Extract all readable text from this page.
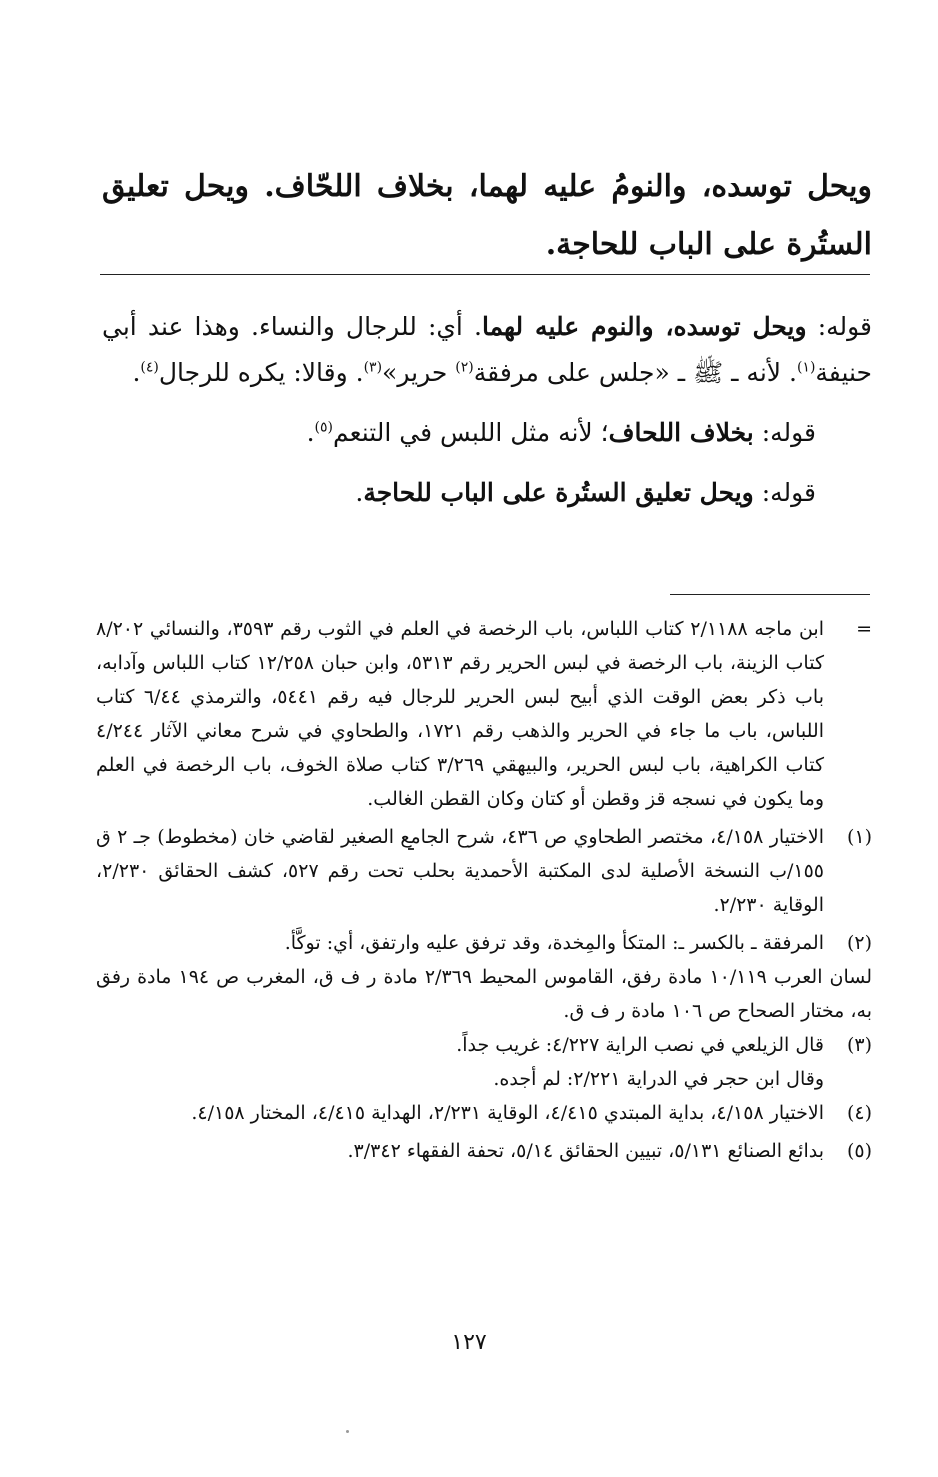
ويحل توسده، والنومُ عليه لهما، بخلاف اللحّاف. ويحل تعليق الستُرة على الباب للحاجة.

قوله: ويحل توسده، والنوم عليه لهما. أي: للرجال والنساء. وهذا عند أبي حنيفة$^{(١)}$. لأنه ـ ﷺ ـ «جلس على مرفقة$^{(٢)}$ حرير»$^{(٣)}$. وقالا: يكره للرجال$^{(٤)}$.

قوله: بخلاف اللحاف؛ لأنه مثل اللبس في التنعم$^{(٥)}$.

قوله: ويحل تعليق الستُرة على الباب للحاجة.

=
ابن ماجه ٢/١١٨٨ كتاب اللباس، باب الرخصة في العلم في الثوب رقم ٣٥٩٣، والنسائي ٨/٢٠٢ كتاب الزينة، باب الرخصة في لبس الحرير رقم ٥٣١٣، وابن حبان ١٢/٢٥٨ كتاب اللباس وآدابه، باب ذكر بعض الوقت الذي أبيح لبس الحرير للرجال فيه رقم ٥٤٤١، والترمذي ٦/٤٤ كتاب اللباس، باب ما جاء في الحرير والذهب رقم ١٧٢١، والطحاوي في شرح معاني الآثار ٤/٢٤٤ كتاب الكراهية، باب لبس الحرير، والبيهقي ٣/٢٦٩ كتاب صلاة الخوف، باب الرخصة في العلم وما يكون في نسجه قز وقطن أو كتان وكان القطن الغالب.
(١)
الاختيار ٤/١٥٨، مختصر الطحاوي ص ٤٣٦، شرح الجامع الصغير لقاضي خان (مخطوط) جـ ٢ ق ١٥٥/ب النسخة الأصلية لدى المكتبة الأحمدية بحلب تحت رقم ٥٢٧، كشف الحقائق ٢/٢٣٠، الوقاية ٢/٢٣٠.
(٢)
المرفقة ـ بالكسر ـ: المتكأ والمِخدة، وقد ترفق عليه وارتفق، أي: توكَّأ.
لسان العرب ١٠/١١٩ مادة رفق، القاموس المحيط ٢/٣٦٩ مادة ر ف ق، المغرب ص ١٩٤ مادة رفق به، مختار الصحاح ص ١٠٦ مادة ر ف ق.
(٣)
قال الزيلعي في نصب الراية ٤/٢٢٧: غريب جداً.
وقال ابن حجر في الدراية ٢/٢٢١: لم أجده.
(٤)
الاختيار ٤/١٥٨، بداية المبتدي ٤/٤١٥، الوقاية ٢/٢٣١، الهداية ٤/٤١٥، المختار ٤/١٥٨.
(٥)
بدائع الصنائع ٥/١٣١، تبيين الحقائق ٥/١٤، تحفة الفقهاء ٣/٣٤٢.
١٢٧
